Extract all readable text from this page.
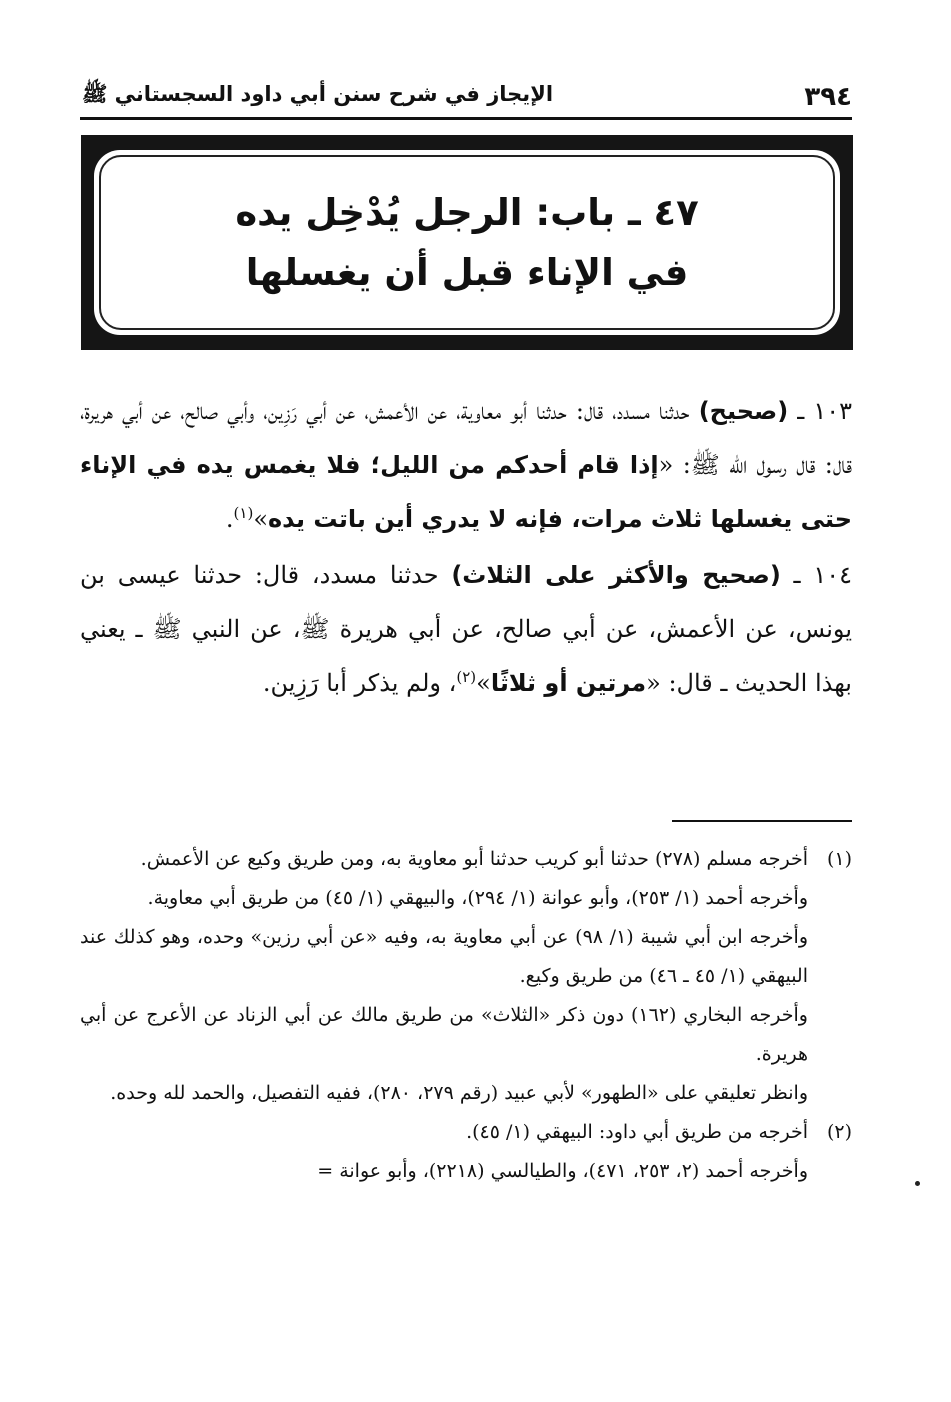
٣٩٤
الإيجاز في شرح سنن أبي داود السجستاني ﷺ
٤٧ ـ باب: الرجل يُدْخِل يده
في الإناء قبل أن يغسلها

١٠٣ ـ (صحيح) حدثنا مسدد، قال: حدثنا أبو معاوية، عن الأعمش، عن أبي رَزِين، وأبي صالح، عن أبي هريرة، قال: قال رسول الله ﷺ: «إذا قام أحدكم من الليل؛ فلا يغمس يده في الإناء حتى يغسلها ثلاث مرات، فإنه لا يدري أين باتت يده»$^{(١)}$.

١٠٤ ـ (صحيح والأكثر على الثلاث) حدثنا مسدد، قال: حدثنا عيسى بن يونس، عن الأعمش، عن أبي صالح، عن أبي هريرة ﷺ، عن النبي ﷺ ـ يعني بهذا الحديث ـ قال: «مرتين أو ثلاثًا»$^{(٢)}$، ولم يذكر أبا رَزِين.

(١)

أخرجه مسلم (٢٧٨) حدثنا أبو كريب حدثنا أبو معاوية به، ومن طريق وكيع عن الأعمش.

وأخرجه أحمد (١/ ٢٥٣)، وأبو عوانة (١/ ٢٩٤)، والبيهقي (١/ ٤٥) من طريق أبي معاوية.

وأخرجه ابن أبي شيبة (١/ ٩٨) عن أبي معاوية به، وفيه «عن أبي رزين» وحده، وهو كذلك عند البيهقي (١/ ٤٥ ـ ٤٦) من طريق وكيع.

وأخرجه البخاري (١٦٢) دون ذكر «الثلاث» من طريق مالك عن أبي الزناد عن الأعرج عن أبي هريرة.

وانظر تعليقي على «الطهور» لأبي عبيد (رقم ٢٧٩، ٢٨٠)، ففيه التفصيل، والحمد لله وحده.

(٢)

أخرجه من طريق أبي داود: البيهقي (١/ ٤٥).

وأخرجه أحمد (٢، ٢٥٣، ٤٧١)، والطيالسي (٢٢١٨)، وأبو عوانة =
